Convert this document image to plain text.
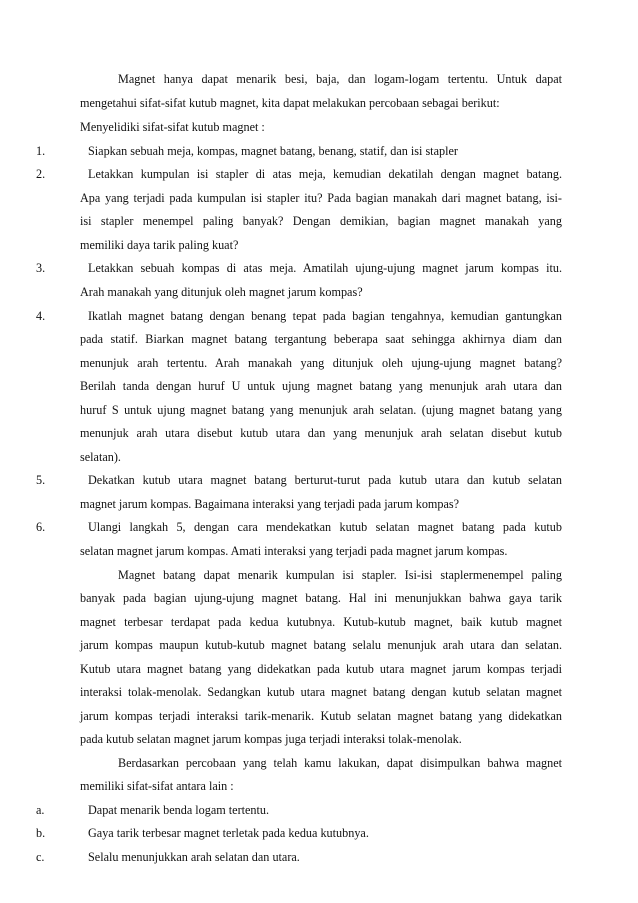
Magnet hanya dapat menarik besi, baja, dan logam-logam tertentu. Untuk dapat
mengetahui sifat-sifat kutub magnet, kita dapat melakukan percobaan sebagai berikut:
Menyelidiki sifat-sifat kutub magnet :
1.	Siapkan sebuah meja, kompas, magnet batang, benang, statif, dan isi stapler
2.	Letakkan kumpulan isi stapler di atas meja, kemudian dekatilah dengan magnet batang.
Apa yang terjadi pada kumpulan isi stapler itu? Pada bagian manakah dari magnet batang, isi-
isi stapler menempel paling banyak? Dengan demikian, bagian magnet manakah yang
memiliki daya tarik paling kuat?
3.	Letakkan sebuah kompas di atas meja. Amatilah ujung-ujung magnet jarum kompas itu.
Arah manakah yang ditunjuk oleh magnet jarum kompas?
4.	Ikatlah magnet batang dengan benang tepat pada bagian tengahnya, kemudian gantungkan
pada statif. Biarkan magnet batang tergantung beberapa saat sehingga akhirnya diam dan
menunjuk arah tertentu. Arah manakah yang ditunjuk oleh ujung-ujung magnet batang?
Berilah tanda dengan huruf U untuk ujung magnet batang yang menunjuk arah utara dan
huruf S untuk ujung magnet batang yang menunjuk arah selatan. (ujung magnet batang yang
menunjuk arah utara disebut kutub utara dan yang menunjuk arah selatan disebut kutub
selatan).
5.	Dekatkan kutub utara magnet batang berturut-turut pada kutub utara dan kutub selatan
magnet jarum kompas. Bagaimana interaksi yang terjadi pada jarum kompas?
6.	Ulangi langkah 5, dengan cara mendekatkan kutub selatan magnet batang pada kutub
selatan magnet jarum kompas. Amati interaksi yang terjadi pada magnet jarum kompas.
Magnet batang dapat menarik kumpulan isi stapler. Isi-isi staplermenempel paling
banyak pada bagian ujung-ujung magnet batang. Hal ini menunjukkan bahwa gaya tarik
magnet terbesar terdapat pada kedua kutubnya. Kutub-kutub magnet, baik kutub magnet
jarum kompas maupun kutub-kutub magnet batang selalu menunjuk arah utara dan selatan.
Kutub utara magnet batang yang didekatkan pada kutub utara magnet jarum kompas terjadi
interaksi tolak-menolak. Sedangkan kutub utara magnet batang dengan kutub selatan magnet
jarum kompas terjadi interaksi tarik-menarik. Kutub selatan magnet batang yang didekatkan
pada kutub selatan magnet jarum kompas juga terjadi interaksi tolak-menolak.
Berdasarkan percobaan yang telah kamu lakukan, dapat disimpulkan bahwa magnet
memiliki sifat-sifat antara lain :
a.	Dapat menarik benda logam tertentu.
b.	Gaya tarik terbesar magnet terletak pada kedua kutubnya.
c.	Selalu menunjukkan arah selatan dan utara.
